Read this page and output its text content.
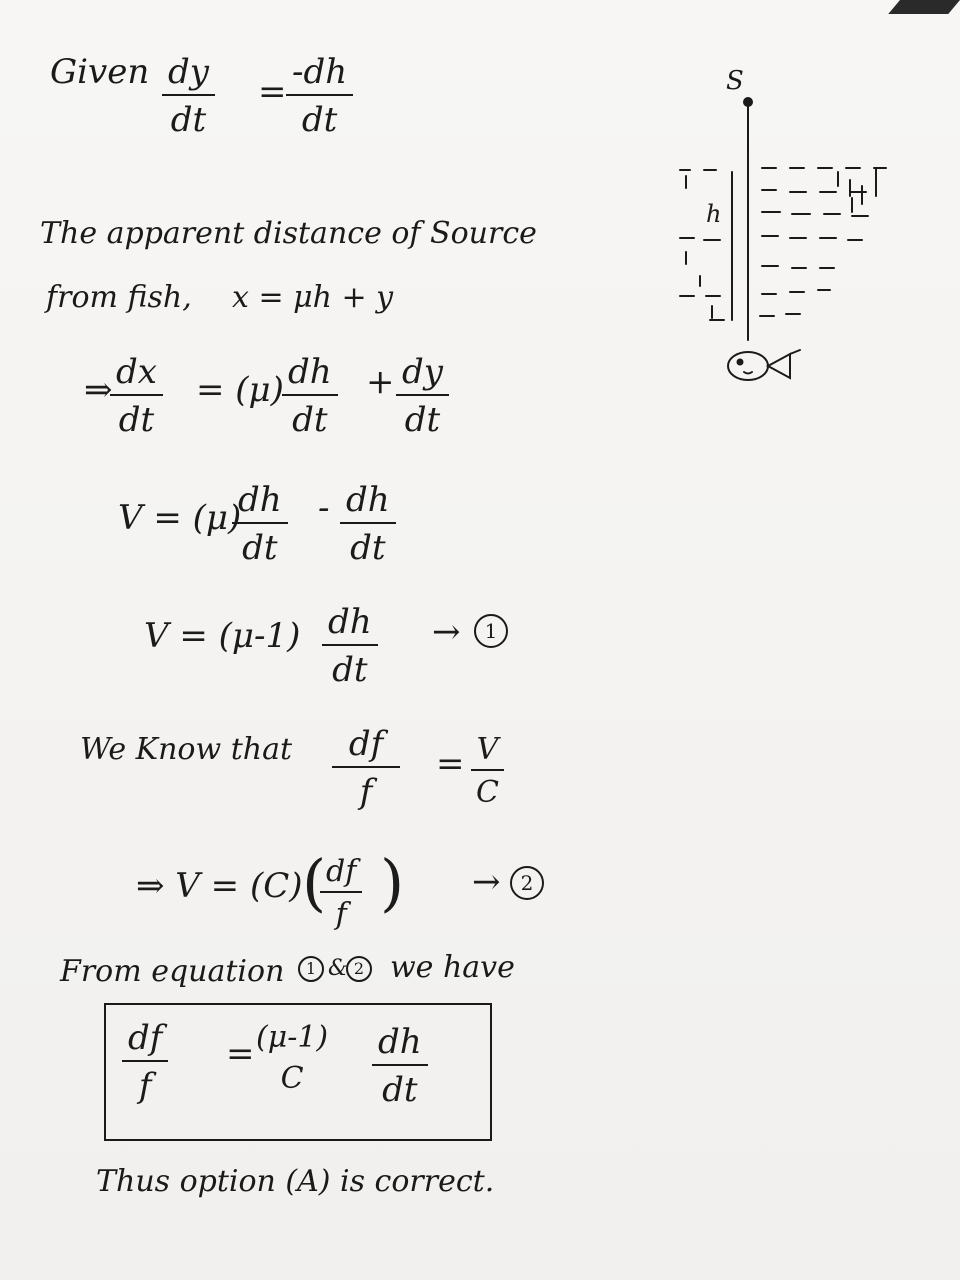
Given $\frac{dy}{dt} = \frac{-dh}{dt}$
The apparent distance of Source
from fish, x = μh + y
⇒
$\frac{dx}{dt} = (\mu)$
$\frac{dh}{dt} + \frac{dy}{dt}$
V = (μ)
$\frac{dh}{dt} - \frac{dh}{dt}$
$V = (\mu-1) \frac{dh}{dt}$ →	1
We Know that $\frac{df}{f} = \frac{V}{C}$
⇒ V = (C) (
$\frac{df}{f}$ ) →	2
From equation	1 & 2 we have
$\frac{df}{f} = (\mu-1)$
C $\frac{dh}{dt}$
Thus option (A) is correct.
S
h
